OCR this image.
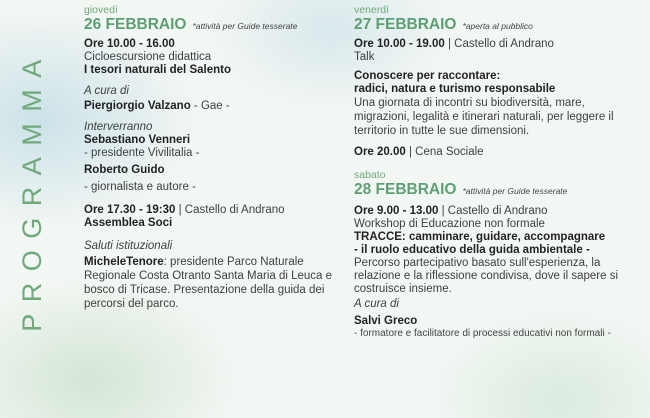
PROGRAMMA
giovedì
26 FEBBRAIO *attività per Guide tesserate
Ore 10.00 - 16.00
Cicloescursione didattica
I tesori naturali del Salento
A cura di
Piergiorgio Valzano - Gae -
Interverranno
Sebastiano Venneri
- presidente Vivilitalia -
Roberto Guido
- giornalista e autore -
Ore 17.30 - 19:30 | Castello di Andrano
Assemblea Soci
Saluti istituzionali
MicheleTenore: presidente Parco Naturale Regionale Costa Otranto Santa Maria di Leuca e bosco di Tricase. Presentazione della guida dei percorsi del parco.
venerdì
27 FEBBRAIO *aperta al pubblico
Ore 10.00 - 19.00 | Castello di Andrano
Talk
Conoscere per raccontare:
radici, natura e turismo responsabile
Una giornata di incontri su biodiversità, mare, migrazioni, legalità e itinerari naturali, per leggere il territorio in tutte le sue dimensioni.
Ore 20.00 | Cena Sociale
sabato
28 FEBBRAIO *attività per Guide tesserate
Ore 9.00 - 13.00 | Castello di Andrano
Workshop di Educazione non formale
TRACCE: camminare, guidare, accompagnare
- il ruolo educativo della guida ambientale -
Percorso partecipativo basato sull'esperienza, la relazione e la riflessione condivisa, dove il sapere si costruisce insieme.
A cura di
Salvi Greco
- formatore e facilitatore di processi educativi non formali -
